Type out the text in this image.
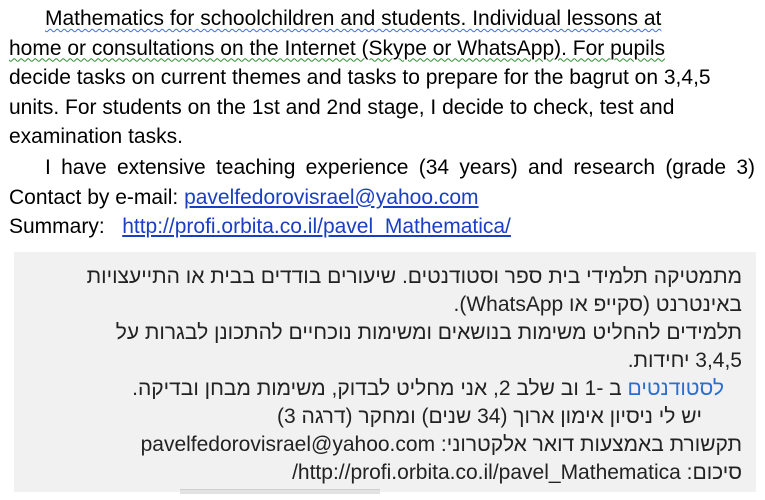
Mathematics for schoolchildren and students. Individual lessons at
home or consultations on the Internet (Skype or WhatsApp). For pupils
decide tasks on current themes and tasks to prepare for the bagrut on 3,4,5
units. For students on the 1st and 2nd stage, I decide to check, test and
examination tasks.
I have extensive teaching experience (34 years) and research (grade 3)
Contact by e-mail: pavelfedorovisrael@yahoo.com
Summary:   http://profi.orbita.co.il/pavel_Mathematica/
מתמטיקה תלמידי בית ספר וסטודנטים. שיעורים בודדים בבית או התייעצויות
באינטרנט (סקייפ או WhatsApp).
תלמידים להחליט משימות בנושאים ומשימות נוכחיים להתכונן לבגרות על
3,4,5 יחידות.
לסטודנטים ב -1 וב שלב 2, אני מחליט לבדוק, משימות מבחן ובדיקה.
יש לי ניסיון אימון ארוך (34 שנים) ומחקר (דרגה 3)
תקשורת באמצעות דואר אלקטרוני: pavelfedorovisrael@yahoo.com
סיכום: http://profi.orbita.co.il/pavel_Mathematica/
